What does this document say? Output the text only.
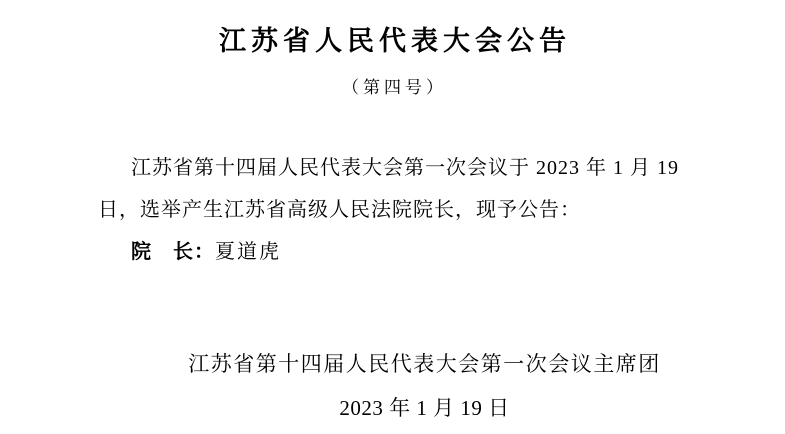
江苏省人民代表大会公告
（第四号）
江苏省第十四届人民代表大会第一次会议于 2023 年 1 月 19
日，选举产生江苏省高级人民法院院长，现予公告：
院　长：夏道虎
江苏省第十四届人民代表大会第一次会议主席团
2023 年 1 月 19 日
